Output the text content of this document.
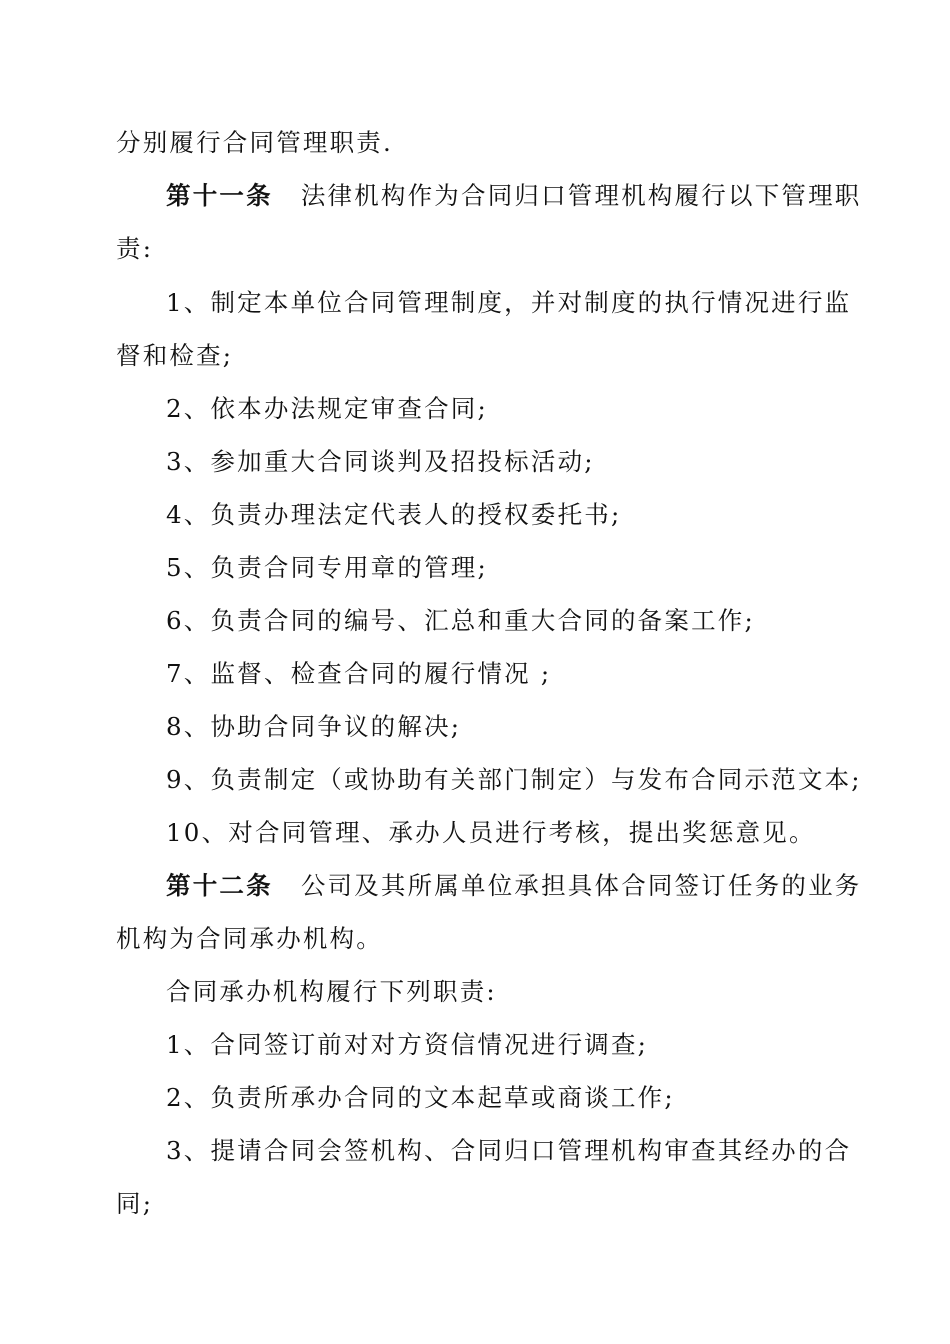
分别履行合同管理职责.
第十一条 法律机构作为合同归口管理机构履行以下管理职
责:
1、制定本单位合同管理制度，并对制度的执行情况进行监
督和检查;
2、依本办法规定审查合同;
3、参加重大合同谈判及招投标活动;
4、负责办理法定代表人的授权委托书;
5、负责合同专用章的管理;
6、负责合同的编号、汇总和重大合同的备案工作;
7、监督、检查合同的履行情况 ;
8、协助合同争议的解决;
9、负责制定（或协助有关部门制定）与发布合同示范文本;
10、对合同管理、承办人员进行考核，提出奖惩意见。
第十二条 公司及其所属单位承担具体合同签订任务的业务
机构为合同承办机构。
合同承办机构履行下列职责:
1、合同签订前对对方资信情况进行调查;
2、负责所承办合同的文本起草或商谈工作;
3、提请合同会签机构、合同归口管理机构审查其经办的合
同;
